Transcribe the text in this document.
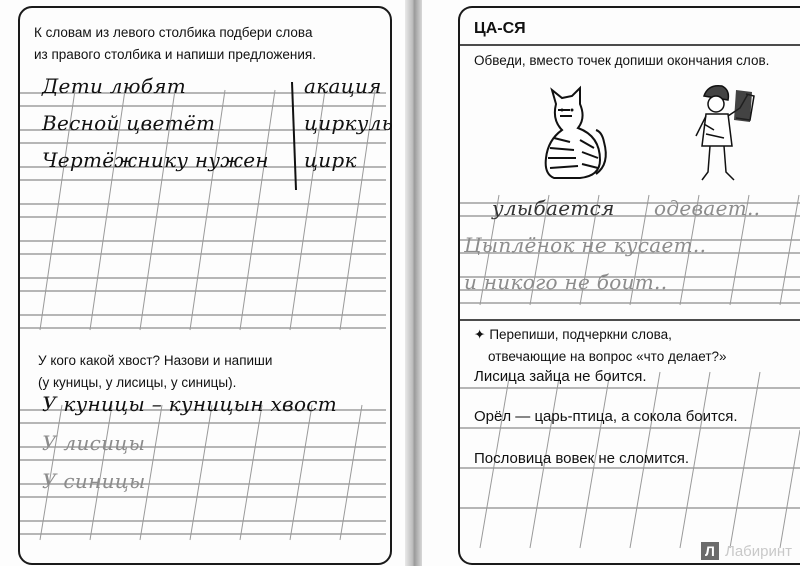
К словам из левого столбика подбери слова
из правого столбика и напиши предложения.
Дети любят
Весной цветёт
Чертёжнику нужен
акация
циркуль
цирк
У кого какой хвост? Назови и напиши
(у куницы, у лисицы, у синицы).
У куницы – куницын хвост
У лисицы
У синицы
ЦА-СЯ
Обведи, вместо точек допиши окончания слов.
улыбается одевает..
Цыплёнок не кусает..
и никого не боит..
✦ Перепиши, подчеркни слова,
отвечающие на вопрос «что делает?»
Лисица зайца не боится.
Орёл — царь-птица, а сокола боится.
Пословица вовек не сломится.
Л Лабиринт
